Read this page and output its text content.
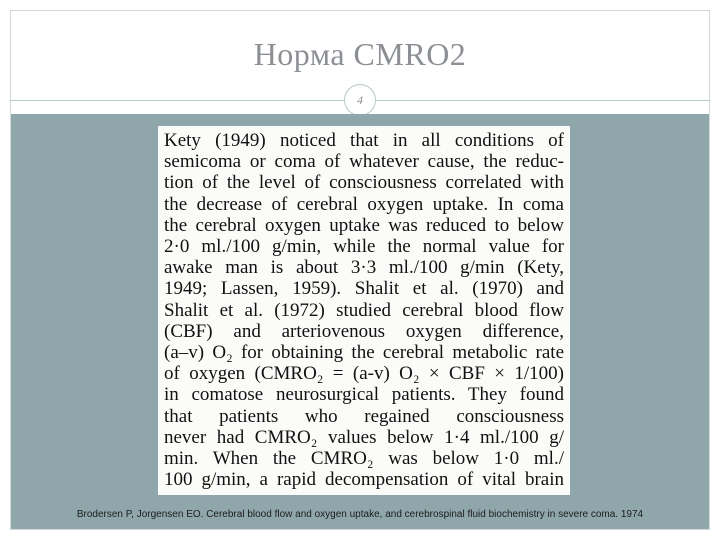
Норма CMRO2
4
Kety (1949) noticed that in all conditions of
semicoma or coma of whatever cause, the reduc-
tion of the level of consciousness correlated with
the decrease of cerebral oxygen uptake. In coma
the cerebral oxygen uptake was reduced to below
2·0 ml./100 g/min, while the normal value for
awake man is about 3·3 ml./100 g/min (Kety,
1949; Lassen, 1959). Shalit et al. (1970) and
Shalit et al. (1972) studied cerebral blood flow
(CBF) and arteriovenous oxygen difference,
(a–v) O₂ for obtaining the cerebral metabolic rate
of oxygen (CMRO₂ = (a-v) O₂ × CBF × 1/100)
in comatose neurosurgical patients. They found
that patients who regained consciousness
never had CMRO₂ values below 1·4 ml./100 g/
min. When the CMRO₂ was below 1·0 ml./
100 g/min, a rapid decompensation of vital brain
Brodersen P, Jorgensen EO. Cerebral blood flow and oxygen uptake, and cerebrospinal fluid biochemistry in severe coma. 1974
